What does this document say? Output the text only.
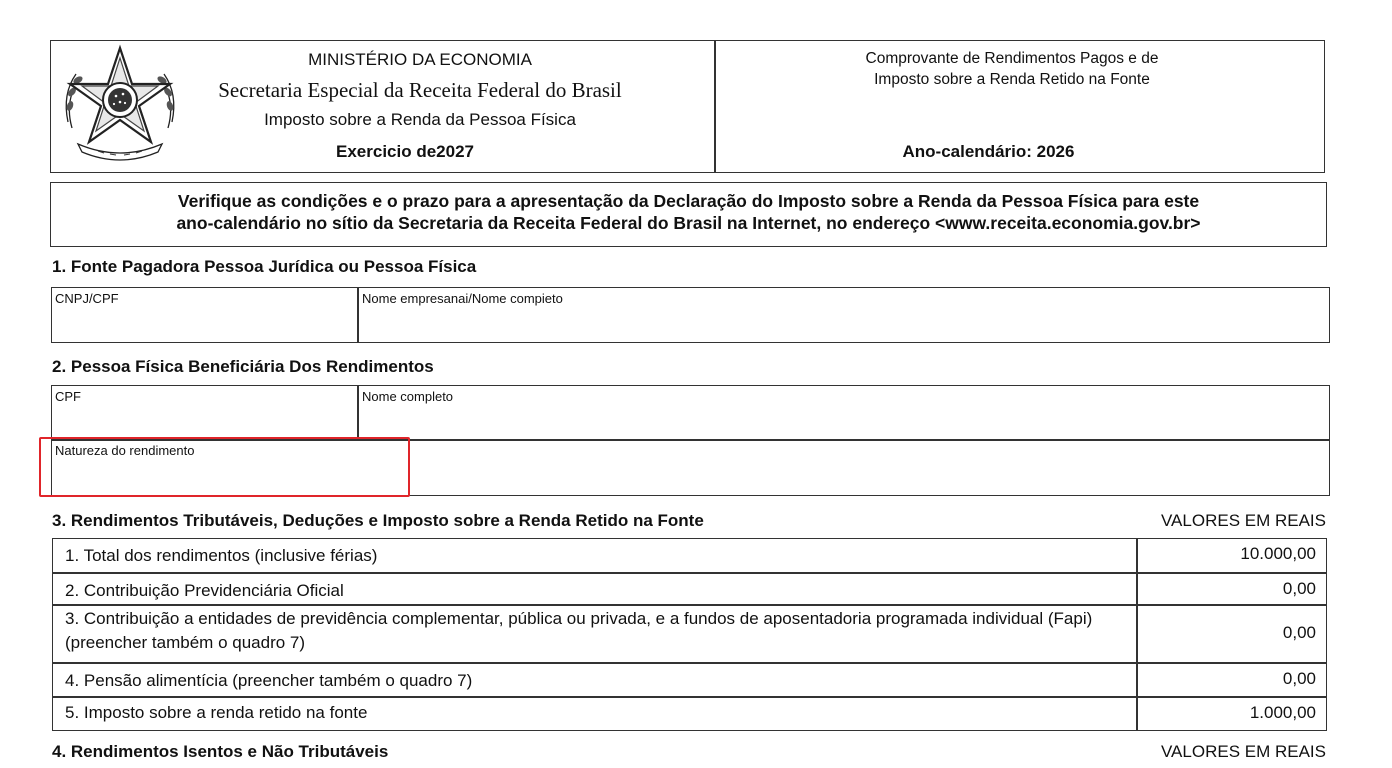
MINISTÉRIO DA ECONOMIA
Secretaria Especial da Receita Federal do Brasil
Imposto sobre a Renda da Pessoa Física
Exercicio de2027
Comprovante de Rendimentos Pagos e de
Imposto sobre a Renda Retido na Fonte
Ano-calendário: 2026
Verifique as condições e o prazo para a apresentação da Declaração do Imposto sobre a Renda da Pessoa Física para este
ano-calendário no sítio da Secretaria da Receita Federal do Brasil na Internet, no endereço <www.receita.economia.gov.br>
1. Fonte Pagadora Pessoa Jurídica ou Pessoa Física
CNPJ/CPF	Nome empresanai/Nome compieto
2. Pessoa Física Beneficiária Dos Rendimentos
CPF	Nome completo
Natureza do rendimento
3. Rendimentos Tributáveis, Deduções e Imposto sobre a Renda Retido na Fonte	VALORES EM REAIS
1. Total dos rendimentos (inclusive férias)	10.000,00
2. Contribuição Previdenciária Oficial	0,00
3. Contribuição a entidades de previdência complementar, pública ou privada, e a fundos de aposentadoria programada individual (Fapi) (preencher também o quadro 7)
0,00
4. Pensão alimentícia (preencher também o quadro 7)	0,00
5. Imposto sobre a renda retido na fonte	1.000,00
4. Rendimentos Isentos e Não Tributáveis	VALORES EM REAIS
